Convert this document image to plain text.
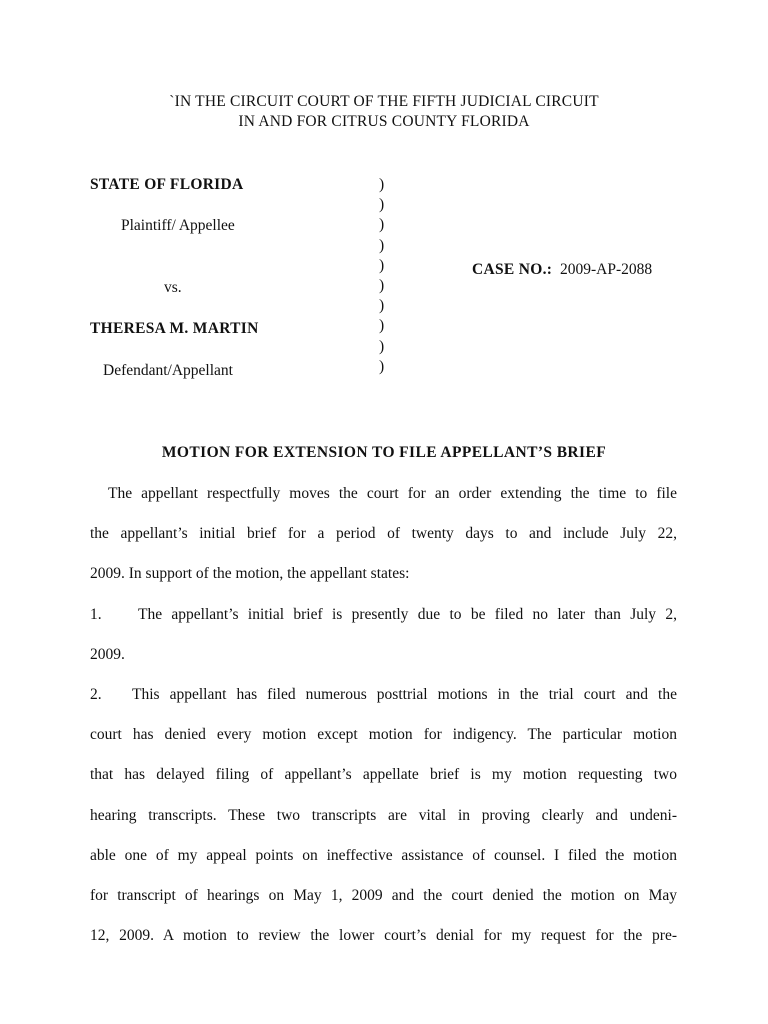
`IN THE CIRCUIT COURT OF THE FIFTH JUDICIAL CIRCUIT
IN AND FOR CITRUS COUNTY FLORIDA
STATE OF FLORIDA
Plaintiff/ Appellee
vs.
THERESA M. MARTIN
Defendant/Appellant
)
)
)
)
)
)
)
)
)
)
CASE NO.: 2009-AP-2088
MOTION FOR EXTENSION TO FILE APPELLANT’S BRIEF
The appellant respectfully moves the court for an order extending the time to file
the appellant’s initial brief for a period of twenty days to and include July 22,
2009. In support of the motion, the appellant states:
1. The appellant’s initial brief is presently due to be filed no later than July 2,
2009.
2. This appellant has filed numerous posttrial motions in the trial court and the
court has denied every motion except motion for indigency. The particular motion
that has delayed filing of appellant’s appellate brief is my motion requesting two
hearing transcripts. These two transcripts are vital in proving clearly and undeni-
able one of my appeal points on ineffective assistance of counsel. I filed the motion
for transcript of hearings on May 1, 2009 and the court denied the motion on May
12, 2009. A motion to review the lower court’s denial for my request for the pre-
